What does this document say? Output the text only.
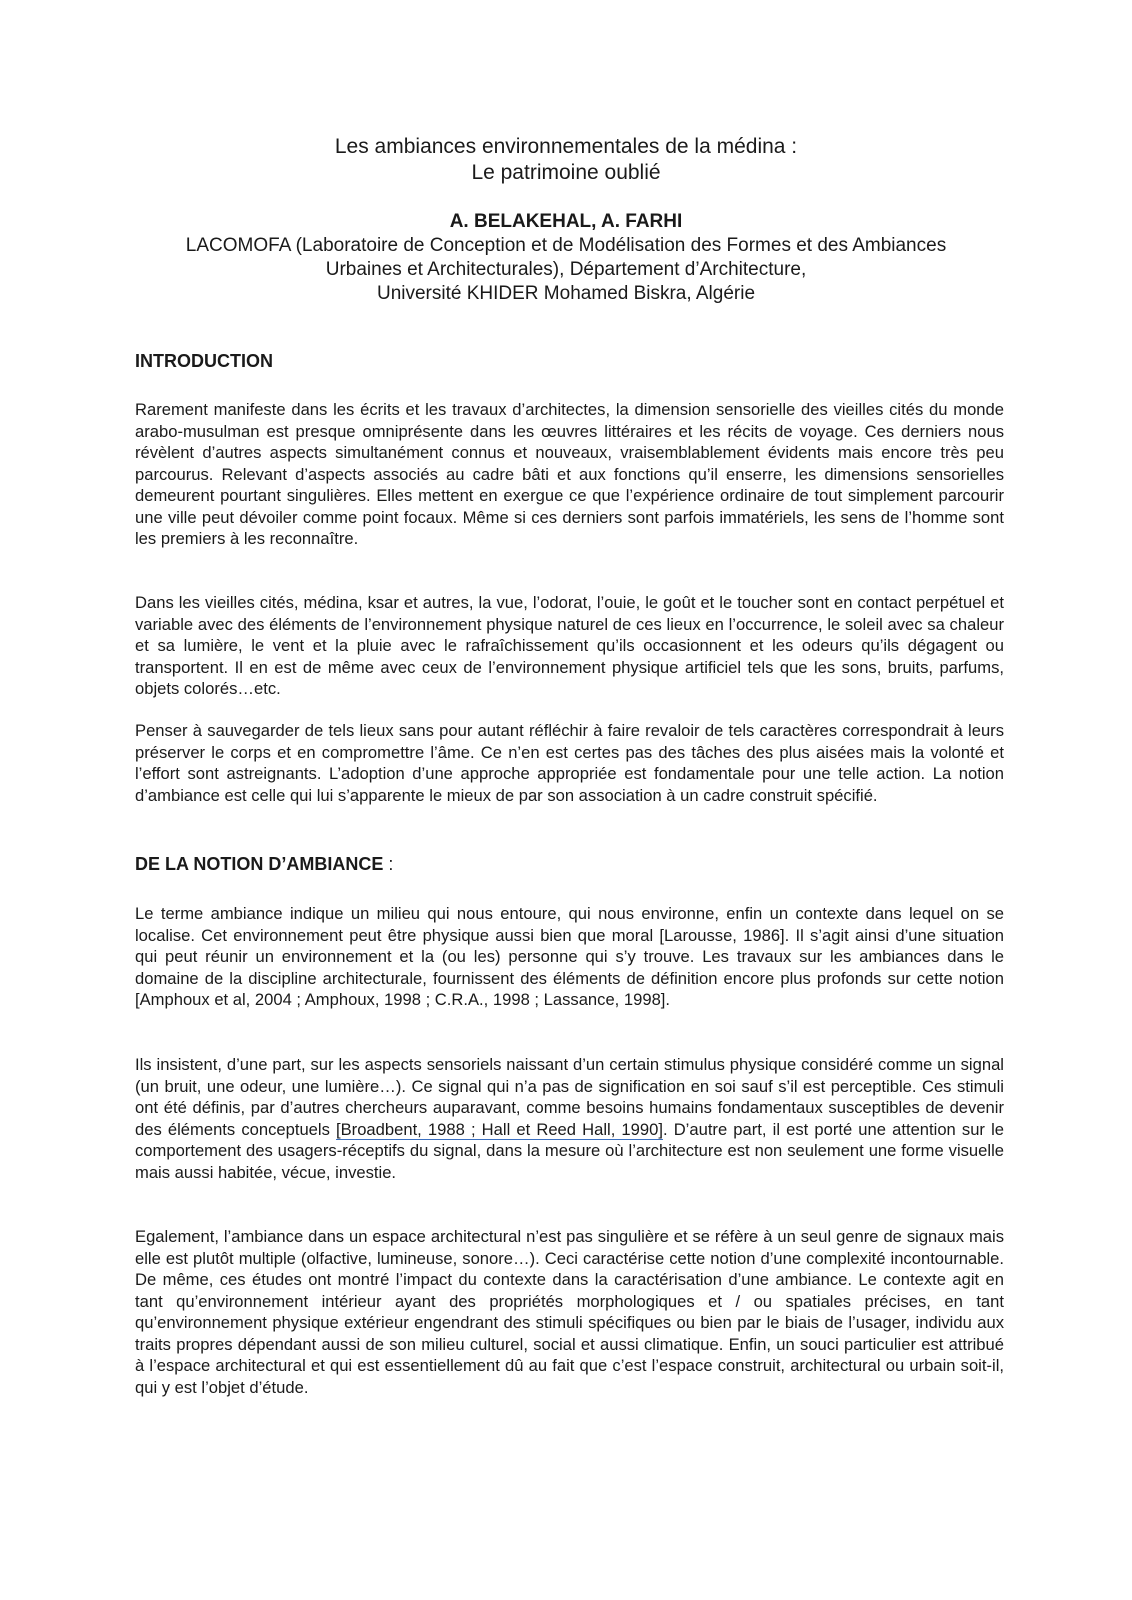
Les ambiances environnementales de la médina :
Le patrimoine oublié
A. BELAKEHAL, A. FARHI
LACOMOFA (Laboratoire de Conception et de Modélisation des Formes et des Ambiances
Urbaines et Architecturales), Département d’Architecture,
Université KHIDER Mohamed Biskra, Algérie
INTRODUCTION

Rarement manifeste dans les écrits et les travaux d’architectes, la dimension sensorielle des vieilles cités du monde arabo-musulman est presque omniprésente dans les œuvres littéraires et les récits de voyage. Ces derniers nous révèlent d’autres aspects simultanément connus et nouveaux, vraisemblablement évidents mais encore très peu parcourus. Relevant d’aspects associés au cadre bâti et aux fonctions qu’il enserre, les dimensions sensorielles demeurent pourtant singulières. Elles mettent en exergue ce que l’expérience ordinaire de tout simplement parcourir une ville peut dévoiler comme point focaux. Même si ces derniers sont parfois immatériels, les sens de l’homme sont les premiers à les reconnaître.

Dans les vieilles cités, médina, ksar et autres, la vue, l’odorat, l’ouie, le goût et le toucher sont en contact perpétuel et variable avec des éléments de l’environnement physique naturel de ces lieux en l’occurrence, le soleil avec sa chaleur et sa lumière, le vent et la pluie avec le rafraîchissement qu’ils occasionnent et les odeurs qu’ils dégagent ou transportent. Il en est de même avec ceux de l’environnement physique artificiel tels que les sons, bruits, parfums, objets colorés…etc.

Penser à sauvegarder de tels lieux sans pour autant réfléchir à faire revaloir de tels caractères correspondrait à leurs préserver le corps et en compromettre l’âme. Ce n’en est certes pas des tâches des plus aisées mais la volonté et l’effort sont astreignants. L’adoption d’une approche appropriée est fondamentale pour une telle action. La notion d’ambiance est celle qui lui s’apparente le mieux de par son association à un cadre construit spécifié.

DE LA NOTION D’AMBIANCE :

Le terme ambiance indique un milieu qui nous entoure, qui nous environne, enfin un contexte dans lequel on se localise. Cet environnement peut être physique aussi bien que moral [Larousse, 1986]. Il s’agit ainsi d’une situation qui peut réunir un environnement et la (ou les) personne qui s’y trouve. Les travaux sur les ambiances dans le domaine de la discipline architecturale, fournissent des éléments de définition encore plus profonds sur cette notion [Amphoux et al, 2004 ; Amphoux, 1998 ; C.R.A., 1998 ; Lassance, 1998].

Ils insistent, d’une part, sur les aspects sensoriels naissant d’un certain stimulus physique considéré comme un signal (un bruit, une odeur, une lumière…). Ce signal qui n’a pas de signification en soi sauf s’il est perceptible. Ces stimuli ont été définis, par d’autres chercheurs auparavant, comme besoins humains fondamentaux susceptibles de devenir des éléments conceptuels [Broadbent, 1988 ; Hall et Reed Hall, 1990]. D’autre part, il est porté une attention sur le comportement des usagers-réceptifs du signal, dans la mesure où l’architecture est non seulement une forme visuelle mais aussi habitée, vécue, investie.

Egalement, l’ambiance dans un espace architectural n’est pas singulière et se réfère à un seul genre de signaux mais elle est plutôt multiple (olfactive, lumineuse, sonore…). Ceci caractérise cette notion d’une complexité incontournable. De même, ces études ont montré l’impact du contexte dans la caractérisation d’une ambiance. Le contexte agit en tant qu’environnement intérieur ayant des propriétés morphologiques et / ou spatiales précises, en tant qu’environnement physique extérieur engendrant des stimuli spécifiques ou bien par le biais de l’usager, individu aux traits propres dépendant aussi de son milieu culturel, social et aussi climatique. Enfin, un souci particulier est attribué à l’espace architectural et qui est essentiellement dû au fait que c’est l’espace construit, architectural ou urbain soit-il, qui y est l’objet d’étude.
